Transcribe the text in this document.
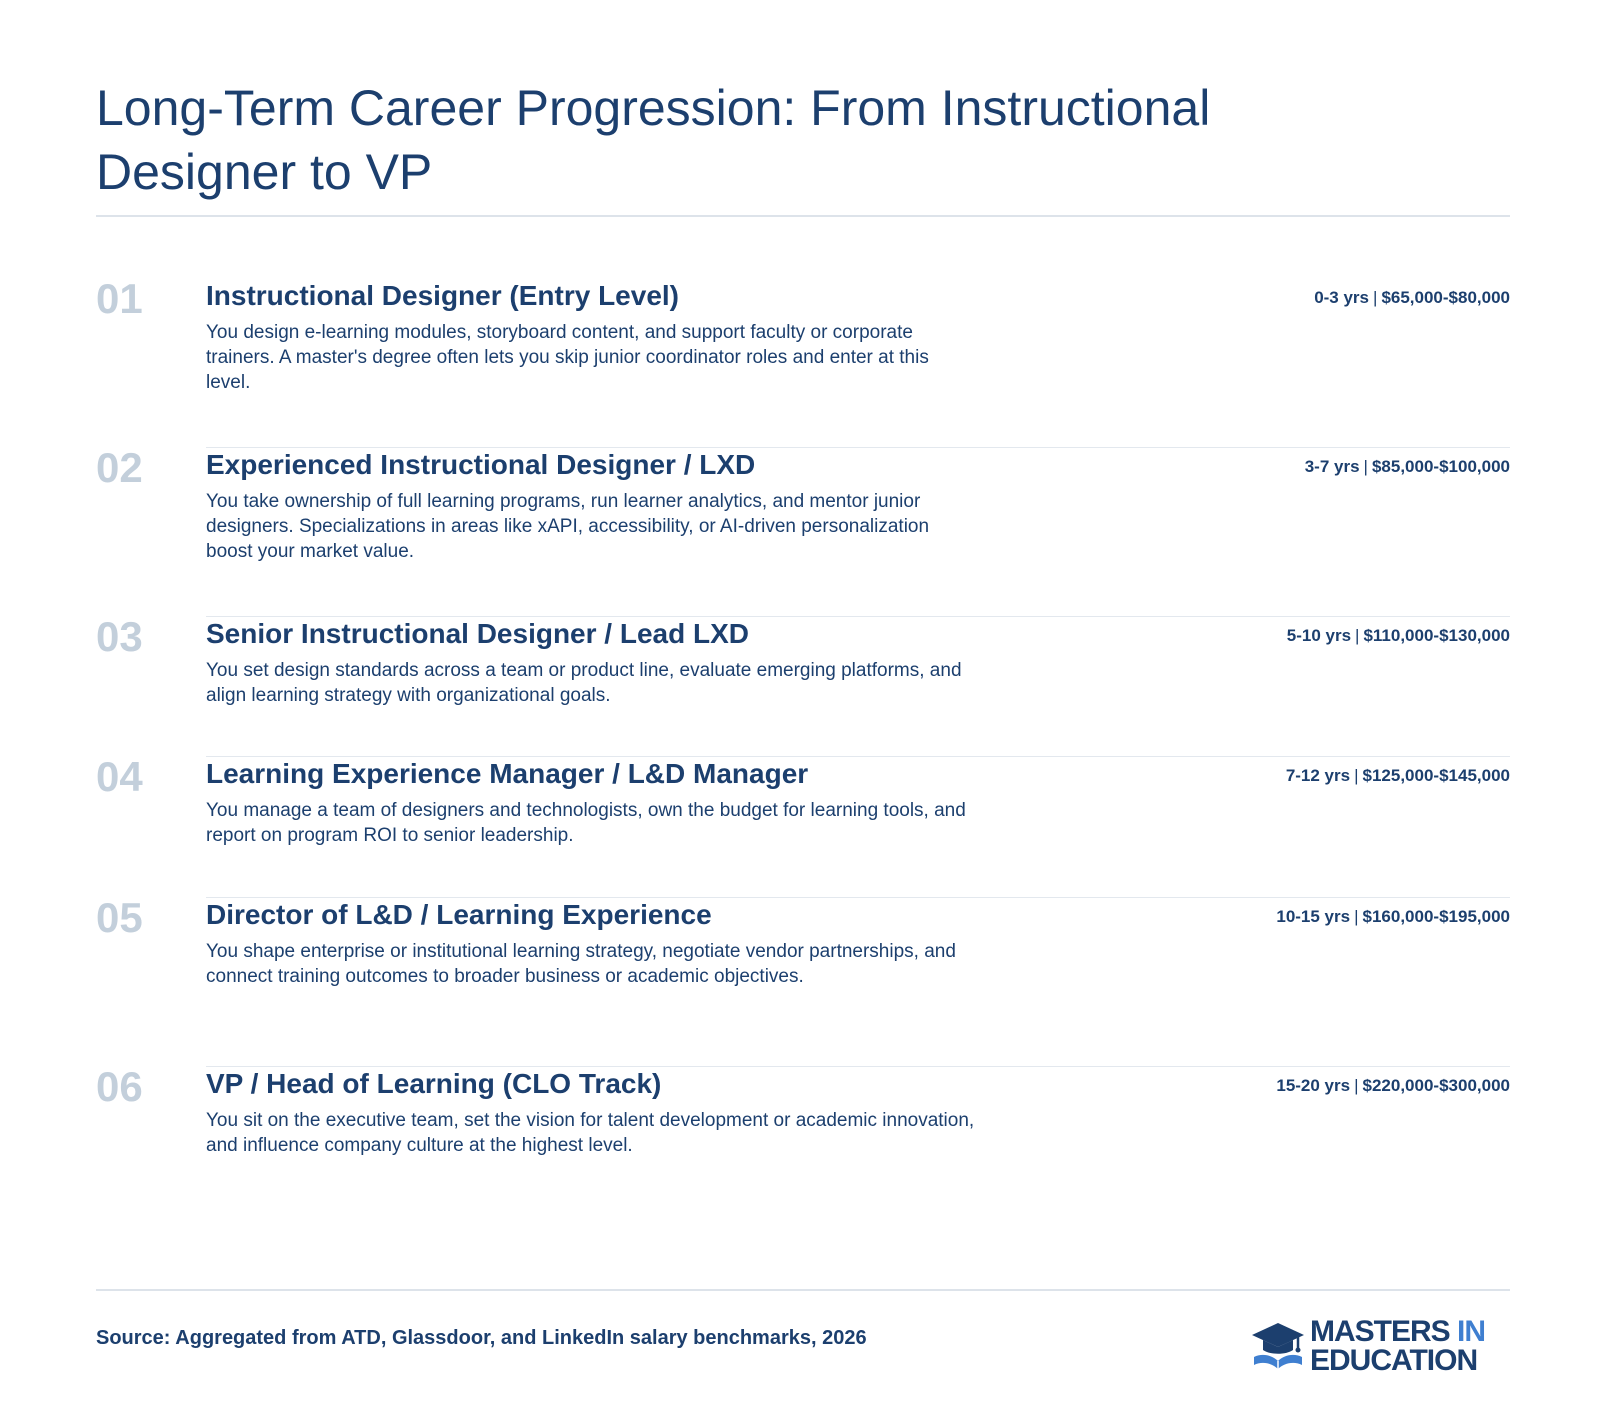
Long-Term Career Progression: From Instructional Designer to VP
01 Instructional Designer (Entry Level)

You design e-learning modules, storyboard content, and support faculty or corporate trainers. A master's degree often lets you skip junior coordinator roles and enter at this level.

0-3 yrs | $65,000-$80,000
02 Experienced Instructional Designer / LXD

You take ownership of full learning programs, run learner analytics, and mentor junior designers. Specializations in areas like xAPI, accessibility, or AI-driven personalization boost your market value.

3-7 yrs | $85,000-$100,000
03 Senior Instructional Designer / Lead LXD

You set design standards across a team or product line, evaluate emerging platforms, and align learning strategy with organizational goals.

5-10 yrs | $110,000-$130,000
04 Learning Experience Manager / L&D Manager

You manage a team of designers and technologists, own the budget for learning tools, and report on program ROI to senior leadership.

7-12 yrs | $125,000-$145,000
05 Director of L&D / Learning Experience

You shape enterprise or institutional learning strategy, negotiate vendor partnerships, and connect training outcomes to broader business or academic objectives.

10-15 yrs | $160,000-$195,000
06 VP / Head of Learning (CLO Track)

You sit on the executive team, set the vision for talent development or academic innovation, and influence company culture at the highest level.

15-20 yrs | $220,000-$300,000

Source: Aggregated from ATD, Glassdoor, and LinkedIn salary benchmarks, 2026	MASTERS IN
EDUCATION
